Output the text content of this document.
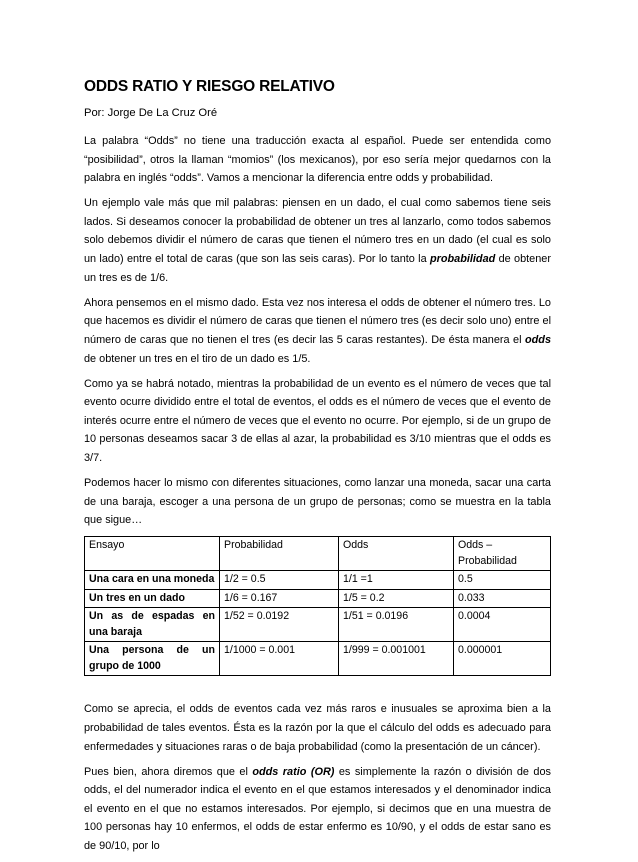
ODDS RATIO Y RIESGO RELATIVO
Por: Jorge De La Cruz Oré

La palabra “Odds” no tiene una traducción exacta al español. Puede ser entendida como “posibilidad”, otros la llaman “momios” (los mexicanos), por eso sería mejor quedarnos con la palabra en inglés “odds”. Vamos a mencionar la diferencia entre odds y probabilidad.

Un ejemplo vale más que mil palabras: piensen en un dado, el cual como sabemos tiene seis lados. Si deseamos conocer la probabilidad de obtener un tres al lanzarlo, como todos sabemos solo debemos dividir el número de caras que tienen el número tres en un dado (el cual es solo un lado) entre el total de caras (que son las seis caras). Por lo tanto la probabilidad de obtener un tres es de 1/6.

Ahora pensemos en el mismo dado. Esta vez nos interesa el odds de obtener el número tres. Lo que hacemos es dividir el número de caras que tienen el número tres (es decir solo uno) entre el número de caras que no tienen el tres (es decir las 5 caras restantes). De ésta manera el odds de obtener un tres en el tiro de un dado es 1/5.

Como ya se habrá notado, mientras la probabilidad de un evento es el número de veces que tal evento ocurre dividido entre el total de eventos, el odds es el número de veces que el evento de interés ocurre entre el número de veces que el evento no ocurre. Por ejemplo, si de un grupo de 10 personas deseamos sacar 3 de ellas al azar, la probabilidad es 3/10 mientras que el odds es 3/7.

Podemos hacer lo mismo con diferentes situaciones, como lanzar una moneda, sacar una carta de una baraja, escoger a una persona de un grupo de personas; como se muestra en la tabla que sigue…

Ensayo	Probabilidad	Odds	Odds – Probabilidad
Una cara en una moneda	1/2 = 0.5	1/1 =1	0.5
Un tres en un dado	1/6 = 0.167	1/5 = 0.2	0.033
Un as de espadas en una baraja	1/52 = 0.0192	1/51 = 0.0196	0.0004
Una persona de un grupo de 1000	1/1000 = 0.001	1/999 = 0.001001	0.000001

Como se aprecia, el odds de eventos cada vez más raros e inusuales se aproxima bien a la probabilidad de tales eventos. Ésta es la razón por la que el cálculo del odds es adecuado para enfermedades y situaciones raras o de baja probabilidad (como la presentación de un cáncer).

Pues bien, ahora diremos que el odds ratio (OR) es simplemente la razón o división de dos odds, el del numerador indica el evento en el que estamos interesados y el denominador indica el evento en el que no estamos interesados. Por ejemplo, si decimos que en una muestra de 100 personas hay 10 enfermos, el odds de estar enfermo es 10/90, y el odds de estar sano es de 90/10, por lo
